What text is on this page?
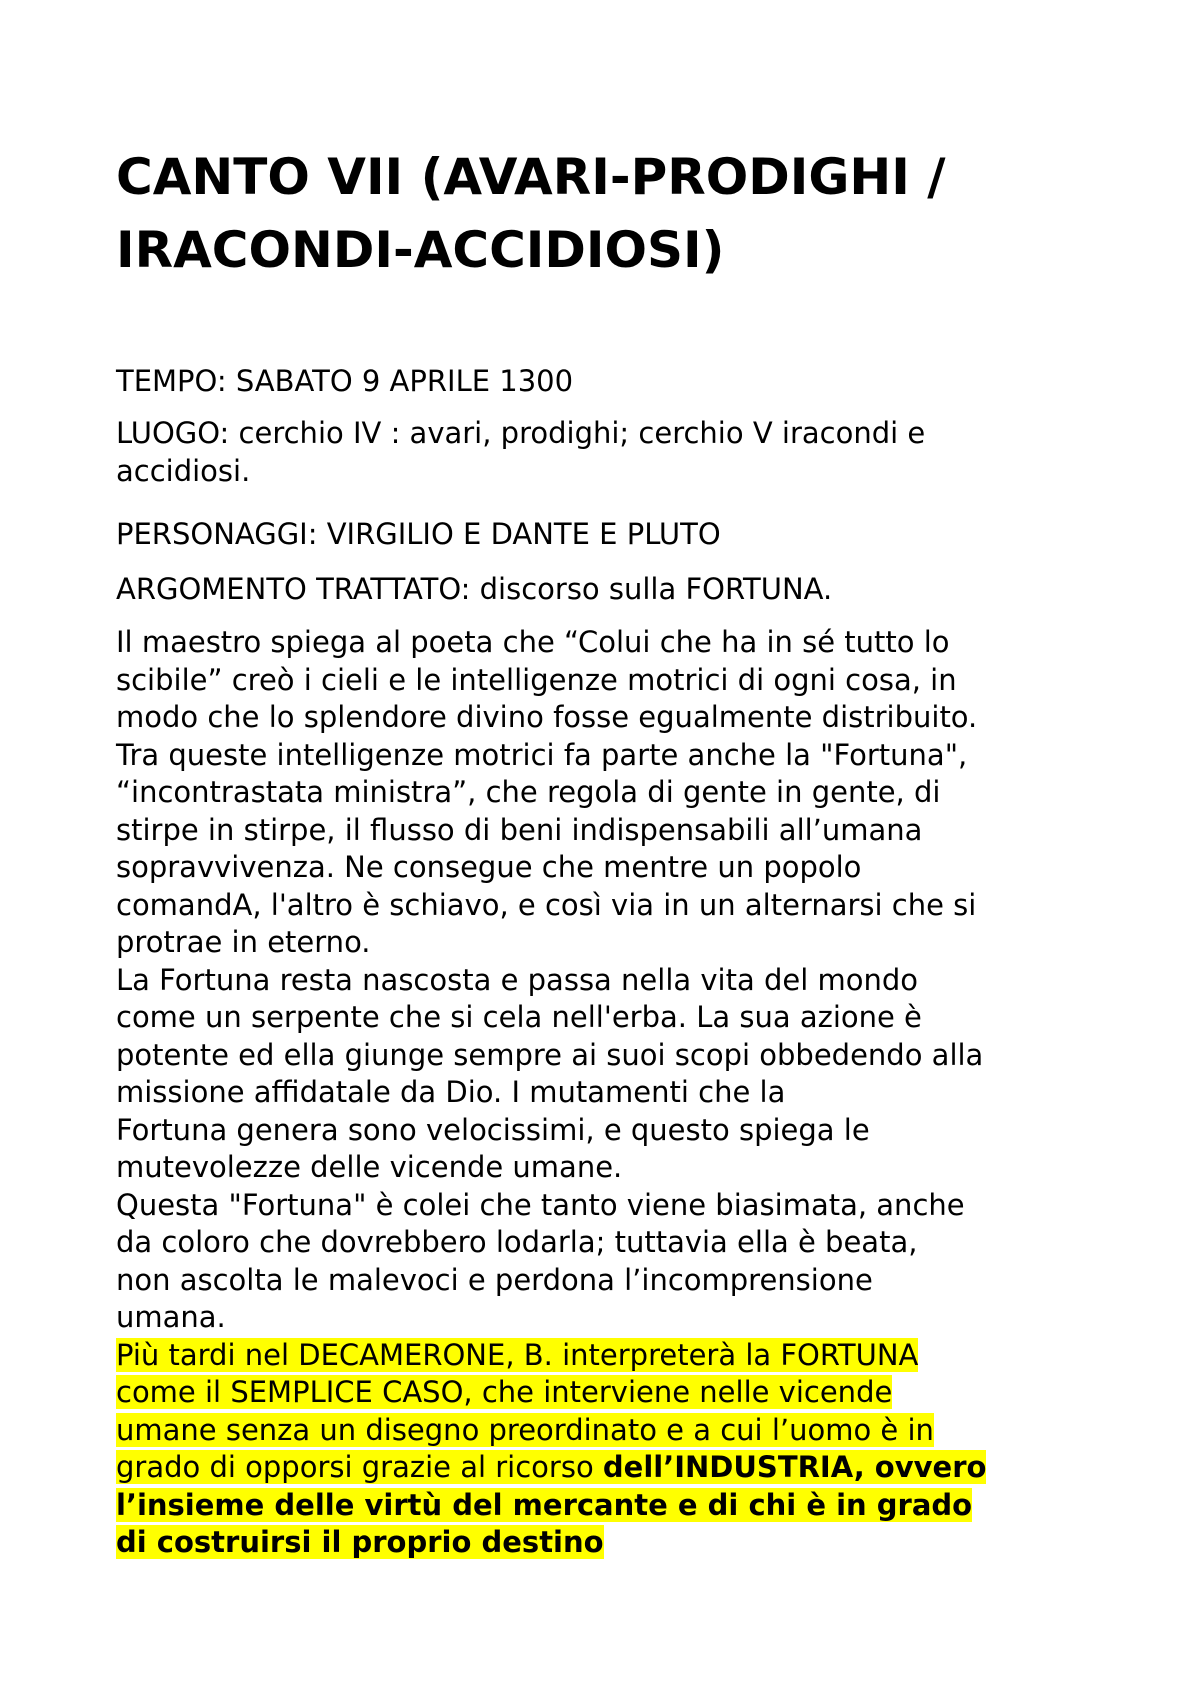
CANTO VII (AVARI-PRODIGHI /
IRACONDI-ACCIDIOSI)
TEMPO: SABATO 9 APRILE 1300
LUOGO: cerchio IV : avari, prodighi; cerchio V iracondi e
accidiosi.
PERSONAGGI: VIRGILIO E DANTE E PLUTO
ARGOMENTO TRATTATO: discorso sulla FORTUNA.
Il maestro spiega al poeta che “Colui che ha in sé tutto lo
scibile” creò i cieli e le intelligenze motrici di ogni cosa, in
modo che lo splendore divino fosse egualmente distribuito.
Tra queste intelligenze motrici fa parte anche la "Fortuna",
“incontrastata ministra”, che regola di gente in gente, di
stirpe in stirpe, il flusso di beni indispensabili all’umana
sopravvivenza. Ne consegue che mentre un popolo
comandA, l'altro è schiavo, e così via in un alternarsi che si
protrae in eterno.
La Fortuna resta nascosta e passa nella vita del mondo
come un serpente che si cela nell'erba. La sua azione è
potente ed ella giunge sempre ai suoi scopi obbedendo alla
missione affidatale da Dio. I mutamenti che la
Fortuna genera sono velocissimi, e questo spiega le
mutevolezze delle vicende umane.
Questa "Fortuna" è colei che tanto viene biasimata, anche
da coloro che dovrebbero lodarla; tuttavia ella è beata,
non ascolta le malevoci e perdona l’incomprensione
umana.
Più tardi nel DECAMERONE, B. interpreterà la FORTUNA
come il SEMPLICE CASO, che interviene nelle vicende
umane senza un disegno preordinato e a cui l’uomo è in
grado di opporsi grazie al ricorso dell’INDUSTRIA, ovvero
l’insieme delle virtù del mercante e di chi è in grado
di costruirsi il proprio destino
